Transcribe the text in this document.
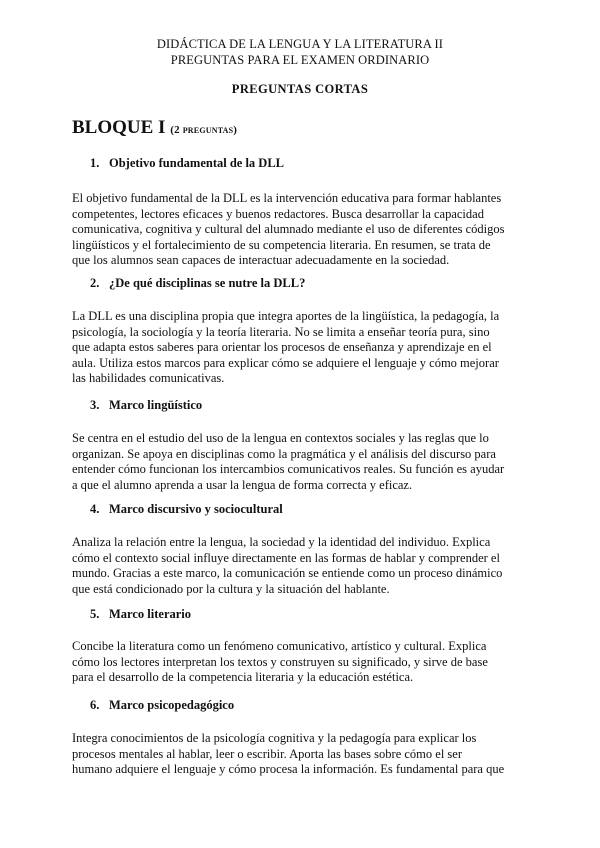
DIDÁCTICA DE LA LENGUA Y LA LITERATURA II
PREGUNTAS PARA EL EXAMEN ORDINARIO
PREGUNTAS CORTAS
BLOQUE I (2 preguntas)
1. Objetivo fundamental de la DLL
El objetivo fundamental de la DLL es la intervención educativa para formar hablantes
competentes, lectores eficaces y buenos redactores. Busca desarrollar la capacidad
comunicativa, cognitiva y cultural del alumnado mediante el uso de diferentes códigos
lingüísticos y el fortalecimiento de su competencia literaria. En resumen, se trata de
que los alumnos sean capaces de interactuar adecuadamente en la sociedad.
2. ¿De qué disciplinas se nutre la DLL?
La DLL es una disciplina propia que integra aportes de la lingüística, la pedagogía, la
psicología, la sociología y la teoría literaria. No se limita a enseñar teoría pura, sino
que adapta estos saberes para orientar los procesos de enseñanza y aprendizaje en el
aula. Utiliza estos marcos para explicar cómo se adquiere el lenguaje y cómo mejorar
las habilidades comunicativas.
3. Marco lingüístico
Se centra en el estudio del uso de la lengua en contextos sociales y las reglas que lo
organizan. Se apoya en disciplinas como la pragmática y el análisis del discurso para
entender cómo funcionan los intercambios comunicativos reales. Su función es ayudar
a que el alumno aprenda a usar la lengua de forma correcta y eficaz.
4. Marco discursivo y sociocultural
Analiza la relación entre la lengua, la sociedad y la identidad del individuo. Explica
cómo el contexto social influye directamente en las formas de hablar y comprender el
mundo. Gracias a este marco, la comunicación se entiende como un proceso dinámico
que está condicionado por la cultura y la situación del hablante.
5. Marco literario
Concibe la literatura como un fenómeno comunicativo, artístico y cultural. Explica
cómo los lectores interpretan los textos y construyen su significado, y sirve de base
para el desarrollo de la competencia literaria y la educación estética.
6. Marco psicopedagógico
Integra conocimientos de la psicología cognitiva y la pedagogía para explicar los
procesos mentales al hablar, leer o escribir. Aporta las bases sobre cómo el ser
humano adquiere el lenguaje y cómo procesa la información. Es fundamental para que
